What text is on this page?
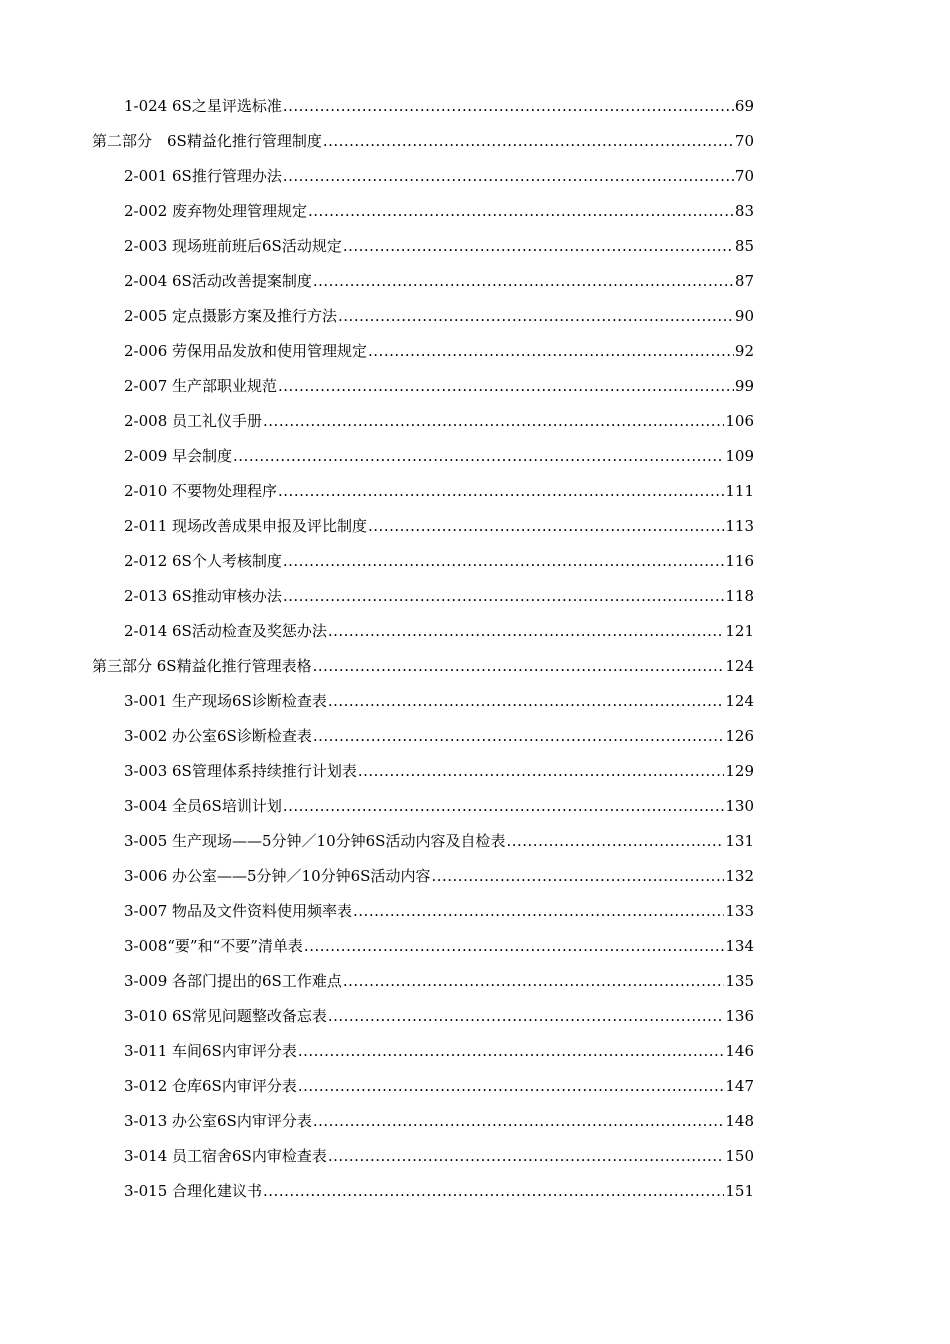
1-024 6S之星评选标准 .....	69
第二部分　6S精益化推行管理制度 .....	70
2-001 6S推行管理办法 .....	70
2-002 废弃物处理管理规定 .....	83
2-003 现场班前班后6S活动规定 .....	85
2-004 6S活动改善提案制度 .....	87
2-005 定点摄影方案及推行方法 .....	90
2-006 劳保用品发放和使用管理规定 .....	92
2-007 生产部职业规范 .....	99
2-008 员工礼仪手册 .....	106
2-009 早会制度 .....	109
2-010 不要物处理程序 .....	111
2-011 现场改善成果申报及评比制度 .....	113
2-012 6S个人考核制度 .....	116
2-013 6S推动审核办法 .....	118
2-014 6S活动检查及奖惩办法 .....	121
第三部分 6S精益化推行管理表格 .....	124
3-001 生产现场6S诊断检查表 .....	124
3-002 办公室6S诊断检查表 .....	126
3-003 6S管理体系持续推行计划表 .....	129
3-004 全员6S培训计划 .....	130
3-005 生产现场——5分钟／10分钟6S活动内容及自检表 .....	131
3-006 办公室——5分钟／10分钟6S活动内容 .....	132
3-007 物品及文件资料使用频率表 .....	133
3-008“要”和“不要”清单表 .....	134
3-009 各部门提出的6S工作难点 .....	135
3-010 6S常见问题整改备忘表 .....	136
3-011 车间6S内审评分表 .....	146
3-012 仓库6S内审评分表 .....	147
3-013 办公室6S内审评分表 .....	148
3-014 员工宿舍6S内审检查表 .....	150
3-015 合理化建议书 .....	151
